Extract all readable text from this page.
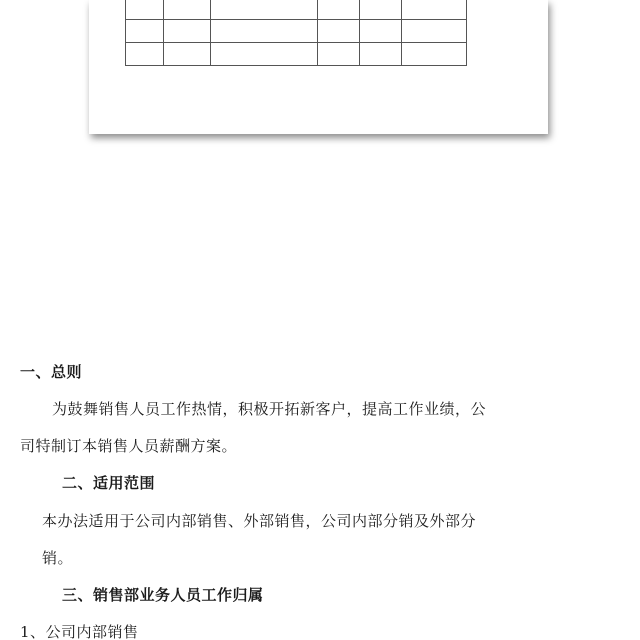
一、总则
为鼓舞销售人员工作热情，积极开拓新客户，提高工作业绩，公
司特制订本销售人员薪酬方案。
二、适用范围
本办法适用于公司内部销售、外部销售，公司内部分销及外部分
销。
三、销售部业务人员工作归属
1、公司内部销售
